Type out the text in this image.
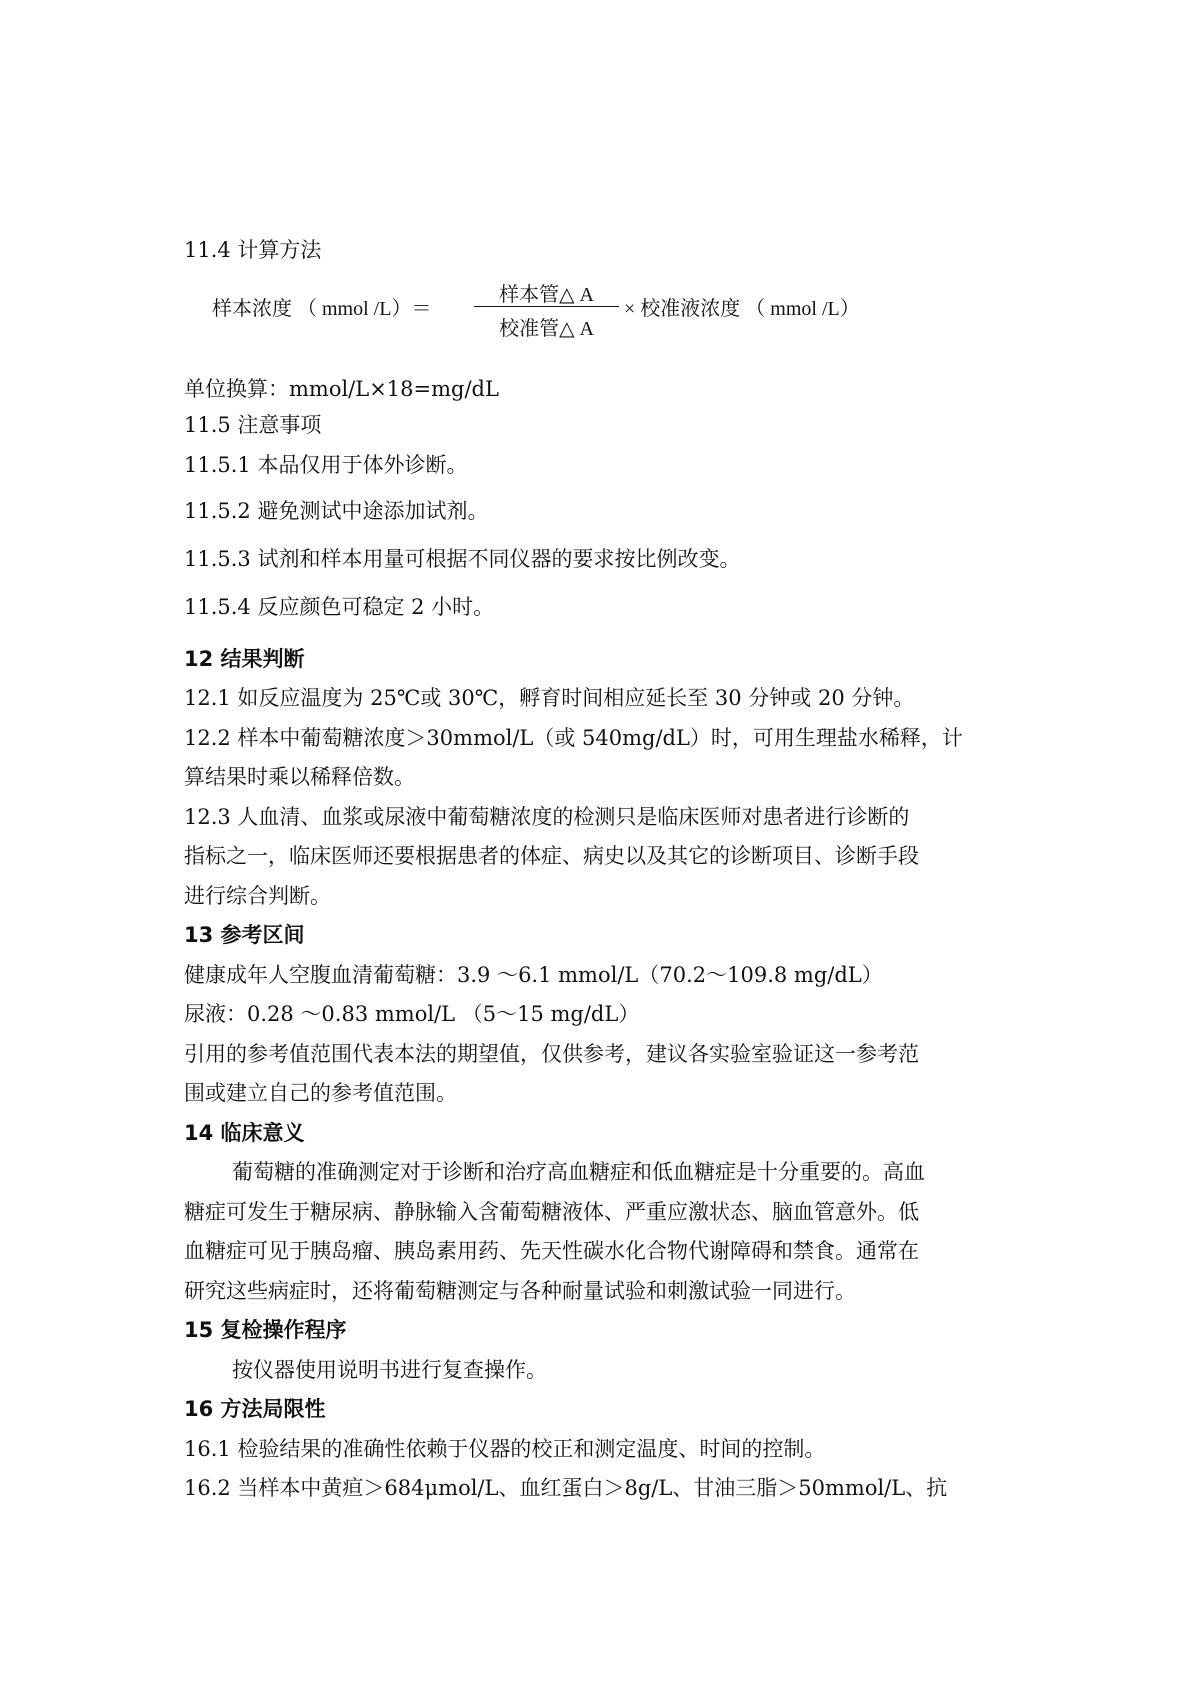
11.4 计算方法
样本浓度 （ mmol /L）＝
样本管△ A
校准管△ A
× 校准液浓度 （ mmol /L）
单位换算：mmol/L×18=mg/dL
11.5 注意事项
11.5.1 本品仅用于体外诊断。
11.5.2 避免测试中途添加试剂。
11.5.3 试剂和样本用量可根据不同仪器的要求按比例改变。
11.5.4 反应颜色可稳定 2 小时。
12 结果判断
12.1 如反应温度为 25℃或 30℃，孵育时间相应延长至 30 分钟或 20 分钟。
12.2 样本中葡萄糖浓度＞30mmol/L（或 540mg/dL）时，可用生理盐水稀释，计
算结果时乘以稀释倍数。
12.3 人血清、血浆或尿液中葡萄糖浓度的检测只是临床医师对患者进行诊断的
指标之一，临床医师还要根据患者的体症、病史以及其它的诊断项目、诊断手段
进行综合判断。
13 参考区间
健康成年人空腹血清葡萄糖：3.9 ～6.1 mmol/L（70.2～109.8 mg/dL）
尿液：0.28 ～0.83 mmol/L （5～15 mg/dL）
引用的参考值范围代表本法的期望值，仅供参考，建议各实验室验证这一参考范
围或建立自己的参考值范围。
14 临床意义
葡萄糖的准确测定对于诊断和治疗高血糖症和低血糖症是十分重要的。高血
糖症可发生于糖尿病、静脉输入含葡萄糖液体、严重应激状态、脑血管意外。低
血糖症可见于胰岛瘤、胰岛素用药、先天性碳水化合物代谢障碍和禁食。通常在
研究这些病症时，还将葡萄糖测定与各种耐量试验和刺激试验一同进行。
15 复检操作程序
按仪器使用说明书进行复查操作。
16 方法局限性
16.1 检验结果的准确性依赖于仪器的校正和测定温度、时间的控制。
16.2 当样本中黄疸＞684μmol/L、血红蛋白＞8g/L、甘油三脂＞50mmol/L、抗
